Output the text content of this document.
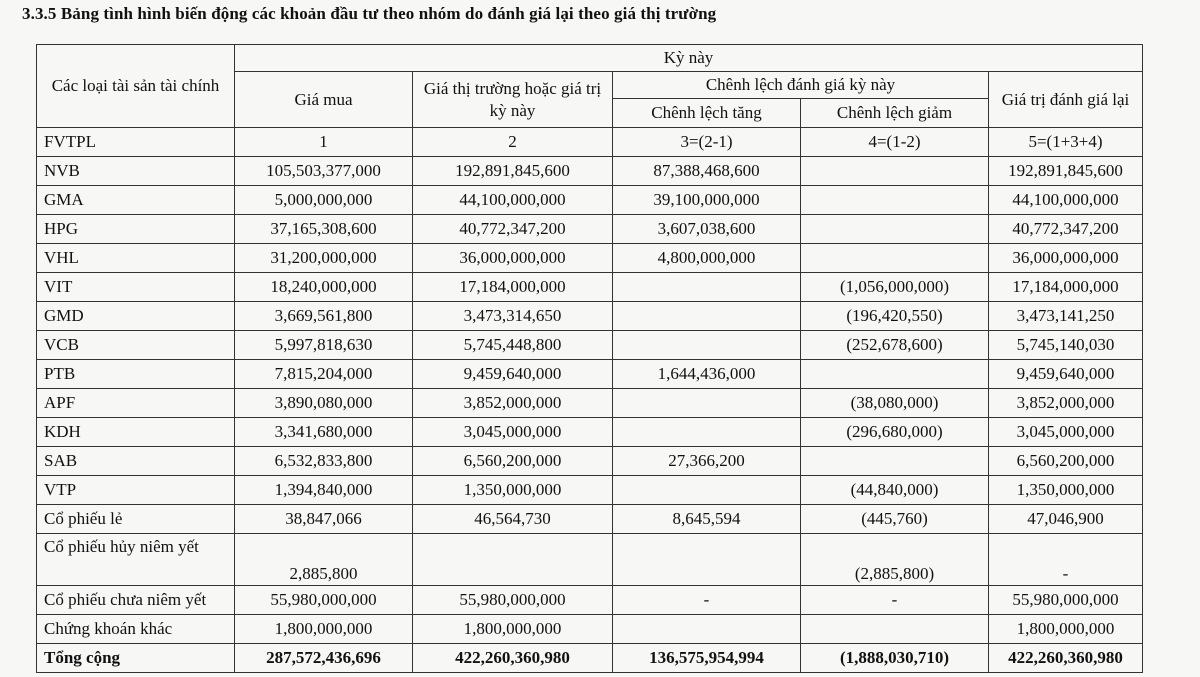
3.3.5 Bảng tình hình biến động các khoản đầu tư theo nhóm do đánh giá lại theo giá thị trường
Các loại tài sản tài chính	Kỳ này				
	Giá mua	Giá thị trường hoặc giá trị kỳ này	Chênh lệch đánh giá kỳ này		Giá trị đánh giá lại
			Chênh lệch tăng	Chênh lệch giảm	
FVTPL	1	2	3=(2-1)	4=(1-2)	5=(1+3+4)
NVB	105,503,377,000	192,891,845,600	87,388,468,600		192,891,845,600
GMA	5,000,000,000	44,100,000,000	39,100,000,000		44,100,000,000
HPG	37,165,308,600	40,772,347,200	3,607,038,600		40,772,347,200
VHL	31,200,000,000	36,000,000,000	4,800,000,000		36,000,000,000
VIT	18,240,000,000	17,184,000,000		(1,056,000,000)	17,184,000,000
GMD	3,669,561,800	3,473,314,650		(196,420,550)	3,473,141,250
VCB	5,997,818,630	5,745,448,800		(252,678,600)	5,745,140,030
PTB	7,815,204,000	9,459,640,000	1,644,436,000		9,459,640,000
APF	3,890,080,000	3,852,000,000		(38,080,000)	3,852,000,000
KDH	3,341,680,000	3,045,000,000		(296,680,000)	3,045,000,000
SAB	6,532,833,800	6,560,200,000	27,366,200		6,560,200,000
VTP	1,394,840,000	1,350,000,000		(44,840,000)	1,350,000,000
Cổ phiếu lẻ	38,847,066	46,564,730	8,645,594	(445,760)	47,046,900
Cổ phiếu hủy niêm yết	2,885,800			(2,885,800)	-
Cổ phiếu chưa niêm yết	55,980,000,000	55,980,000,000	-	-	55,980,000,000
Chứng khoán khác	1,800,000,000	1,800,000,000			1,800,000,000
Tổng cộng	287,572,436,696	422,260,360,980	136,575,954,994	(1,888,030,710)	422,260,360,980
